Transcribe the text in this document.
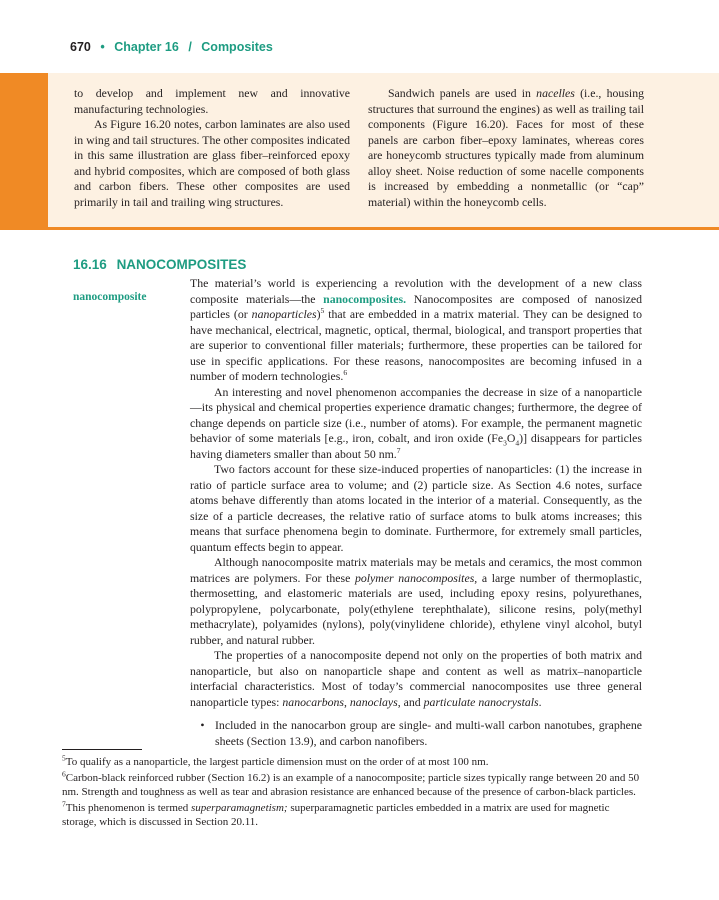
670 • Chapter 16 / Composites

to develop and implement new and innovative manufacturing technologies.

As Figure 16.20 notes, carbon laminates are also used in wing and tail structures. The other composites indicated in this same illustration are glass fiber–reinforced epoxy and hybrid composites, which are composed of both glass and carbon fibers. These other composites are used primarily in tail and trailing wing structures.

Sandwich panels are used in nacelles (i.e., housing structures that surround the engines) as well as trailing tail components (Figure 16.20). Faces for most of these panels are carbon fiber–epoxy laminates, whereas cores are honeycomb structures typically made from aluminum alloy sheet. Noise reduction of some nacelle components is increased by embedding a nonmetallic (or “cap” material) within the honeycomb cells.

16.16 NANOCOMPOSITES
nanocomposite

The material’s world is experiencing a revolution with the development of a new class composite materials—the nanocomposites. Nanocomposites are composed of nanosized particles (or nanoparticles)$^5$ that are embedded in a matrix material. They can be designed to have mechanical, electrical, magnetic, optical, thermal, biological, and transport properties that are superior to conventional filler materials; furthermore, these properties can be tailored for use in specific applications. For these reasons, nanocomposites are becoming infused in a number of modern technologies.$^6$

An interesting and novel phenomenon accompanies the decrease in size of a nanoparticle—its physical and chemical properties experience dramatic changes; furthermore, the degree of change depends on particle size (i.e., number of atoms). For example, the permanent magnetic behavior of some materials [e.g., iron, cobalt, and iron oxide $(Fe_3O_4)$] disappears for particles having diameters smaller than about 50 nm.$^7$

Two factors account for these size-induced properties of nanoparticles: (1) the increase in ratio of particle surface area to volume; and (2) particle size. As Section 4.6 notes, surface atoms behave differently than atoms located in the interior of a material. Consequently, as the size of a particle decreases, the relative ratio of surface atoms to bulk atoms increases; this means that surface phenomena begin to dominate. Furthermore, for extremely small particles, quantum effects begin to appear.

Although nanocomposite matrix materials may be metals and ceramics, the most common matrices are polymers. For these polymer nanocomposites, a large number of thermoplastic, thermosetting, and elastomeric materials are used, including epoxy resins, polyurethanes, polypropylene, polycarbonate, poly(ethylene terephthalate), silicone resins, poly(methyl methacrylate), polyamides (nylons), poly(vinylidene chloride), ethylene vinyl alcohol, butyl rubber, and natural rubber.

The properties of a nanocomposite depend not only on the properties of both matrix and nanoparticle, but also on nanoparticle shape and content as well as matrix–nanoparticle interfacial characteristics. Most of today’s commercial nanocomposites use three general nanoparticle types: nanocarbons, nanoclays, and particulate nanocrystals.

• Included in the nanocarbon group are single- and multi-wall carbon nanotubes, graphene sheets (Section 13.9), and carbon nanofibers.

$^5$To qualify as a nanoparticle, the largest particle dimension must on the order of at most 100 nm.

$^6$Carbon-black reinforced rubber (Section 16.2) is an example of a nanocomposite; particle sizes typically range between 20 and 50 nm. Strength and toughness as well as tear and abrasion resistance are enhanced because of the presence of carbon-black particles.

$^7$This phenomenon is termed superparamagnetism; superparamagnetic particles embedded in a matrix are used for magnetic storage, which is discussed in Section 20.11.
